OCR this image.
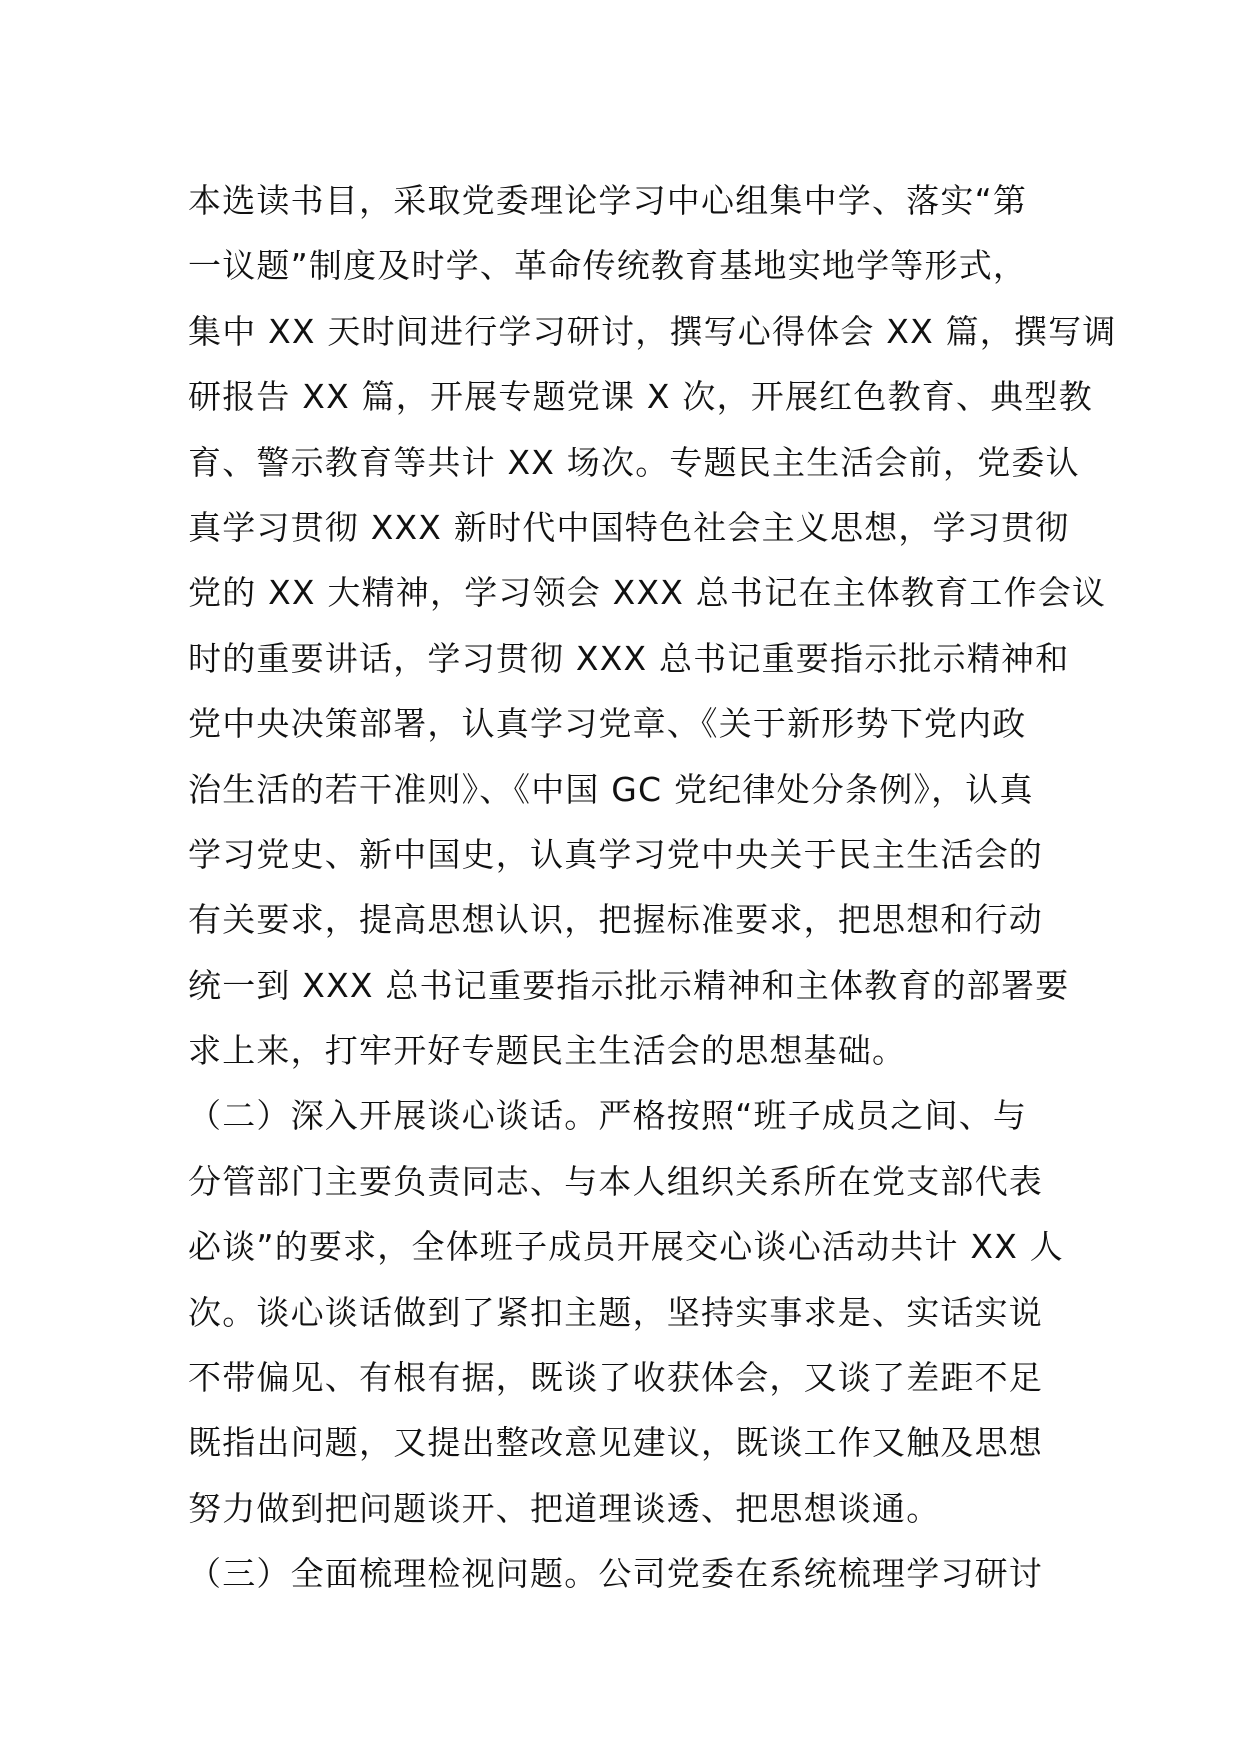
本选读书目，采取党委理论学习中心组集中学、落实“第
一议题”制度及时学、革命传统教育基地实地学等形式，
集中 XX 天时间进行学习研讨，撰写心得体会 XX 篇，撰写调
研报告 XX 篇，开展专题党课 X 次，开展红色教育、典型教
育、警示教育等共计 XX 场次。专题民主生活会前，党委认
真学习贯彻 XXX 新时代中国特色社会主义思想，学习贯彻
党的 XX 大精神，学习领会 XXX 总书记在主体教育工作会议
时的重要讲话，学习贯彻 XXX 总书记重要指示批示精神和
党中央决策部署，认真学习党章、《关于新形势下党内政
治生活的若干准则》、《中国 GC 党纪律处分条例》，认真
学习党史、新中国史，认真学习党中央关于民主生活会的
有关要求，提高思想认识，把握标准要求，把思想和行动
统一到 XXX 总书记重要指示批示精神和主体教育的部署要
求上来，打牢开好专题民主生活会的思想基础。
（二）深入开展谈心谈话。严格按照“班子成员之间、与
分管部门主要负责同志、与本人组织关系所在党支部代表
必谈”的要求，全体班子成员开展交心谈心活动共计 XX 人
次。谈心谈话做到了紧扣主题，坚持实事求是、实话实说
不带偏见、有根有据，既谈了收获体会，又谈了差距不足
既指出问题，又提出整改意见建议，既谈工作又触及思想
努力做到把问题谈开、把道理谈透、把思想谈通。
（三）全面梳理检视问题。公司党委在系统梳理学习研讨
